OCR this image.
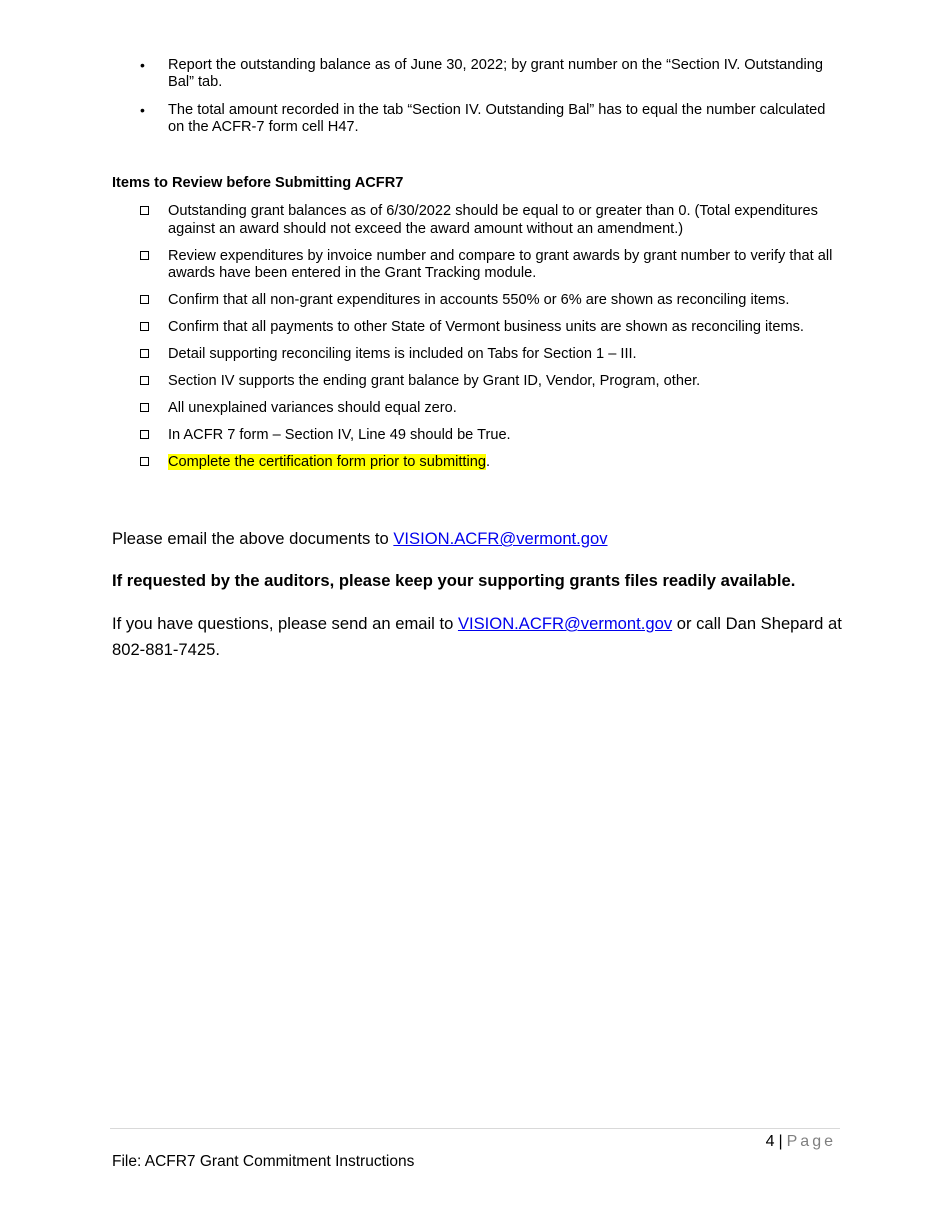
• Report the outstanding balance as of June 30, 2022; by grant number on the “Section IV. Outstanding Bal” tab.
• The total amount recorded in the tab “Section IV. Outstanding Bal” has to equal the number calculated on the ACFR-7 form cell H47.
Items to Review before Submitting ACFR7
Outstanding grant balances as of 6/30/2022 should be equal to or greater than 0. (Total expenditures against an award should not exceed the award amount without an amendment.)
Review expenditures by invoice number and compare to grant awards by grant number to verify that all awards have been entered in the Grant Tracking module.
Confirm that all non-grant expenditures in accounts 550% or 6% are shown as reconciling items.
Confirm that all payments to other State of Vermont business units are shown as reconciling items.
Detail supporting reconciling items is included on Tabs for Section 1 – III.
Section IV supports the ending grant balance by Grant ID, Vendor, Program, other.
All unexplained variances should equal zero.
In ACFR 7 form – Section IV, Line 49 should be True.
Complete the certification form prior to submitting.

Please email the above documents to VISION.ACFR@vermont.gov

If requested by the auditors, please keep your supporting grants files readily available.

If you have questions, please send an email to VISION.ACFR@vermont.gov or call Dan Shepard at 802-881-7425.

4 | Page
File: ACFR7 Grant Commitment Instructions
